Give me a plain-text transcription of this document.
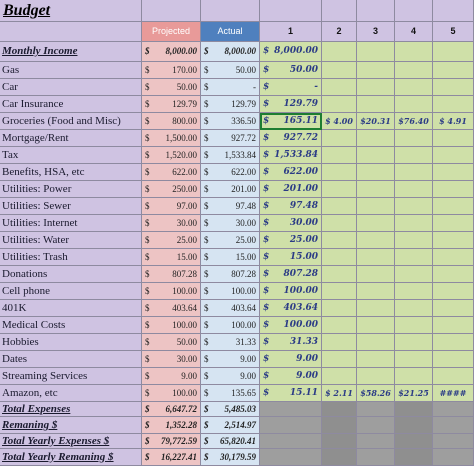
Budget
Projected	Actual	1	2	3	4	5
Monthly Income	$ 8,000.00 $ 8,000.00 $ 8,000.00
Gas	$	170.00 $	50.00 $ 50.00
Car	$	50.00 $	- $	-
Car Insurance	$	129.79 $	129.79 $ 129.79
Groceries (Food and Misc)	$	800.00 $	336.50 $ 165.11 $ 4.00 $20.31 $76.40	$ 4.91
Mortgage/Rent	$ 1,500.00 $	927.72 $ 927.72
Tax	$ 1,520.00 $ 1,533.84 $ 1,533.84
Benefits, HSA, etc	$	622.00 $	622.00 $ 622.00
Utilities: Power	$	250.00 $	201.00 $ 201.00
Utilities: Sewer	$	97.00 $	97.48 $ 97.48
Utilities: Internet	$	30.00 $	30.00 $ 30.00
Utilities: Water	$	25.00 $	25.00 $ 25.00
Utilities: Trash	$	15.00 $	15.00 $ 15.00
Donations	$	807.28 $	807.28 $ 807.28
Cell phone	$	100.00 $	100.00 $ 100.00
401K	$	403.64 $	403.64 $ 403.64
Medical Costs	$	100.00 $	100.00 $ 100.00
Hobbies	$	50.00 $	31.33 $ 31.33
Dates	$	30.00 $	9.00 $	9.00
Streaming Services	$	9.00 $	9.00 $	9.00
Amazon, etc	$	100.00 $	135.65 $ 15.11 $ 2.11 $58.26 $21.25	####
Total Expenses	$ 6,647.72 $ 5,485.03
Remaning $	$ 1,352.28 $ 2,514.97
Total Yearly Expenses $	$ 79,772.59 $ 65,820.41
Total Yearly Remaning $	$ 16,227.41 $ 30,179.59
